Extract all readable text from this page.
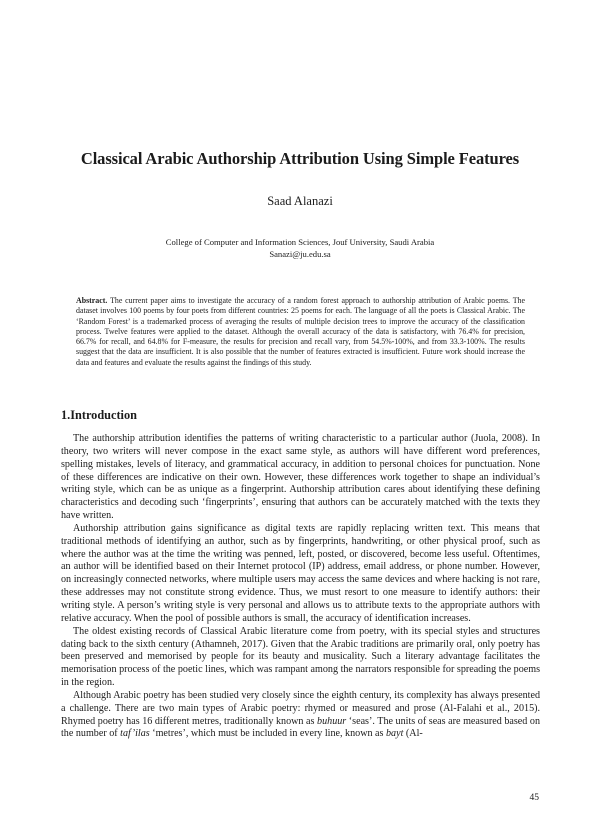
Classical Arabic Authorship Attribution Using Simple Features

Saad Alanazi

College of Computer and Information Sciences, Jouf University, Saudi Arabia
Sanazi@ju.edu.sa

Abstract. The current paper aims to investigate the accuracy of a random forest approach to authorship attribution of Arabic poems. The dataset involves 100 poems by four poets from different countries: 25 poems for each. The language of all the poets is Classical Arabic. The ‘Random Forest’ is a trademarked process of averaging the results of multiple decision trees to improve the accuracy of the classification process. Twelve features were applied to the dataset. Although the overall accuracy of the data is satisfactory, with 76.4% for precision, 66.7% for recall, and 64.8% for F-measure, the results for precision and recall vary, from 54.5%-100%, and from 33.3-100%. The results suggest that the data are insufficient. It is also possible that the number of features extracted is insufficient. Future work should increase the data and features and evaluate the results against the findings of this study.

1.Introduction

The authorship attribution identifies the patterns of writing characteristic to a particular author (Juola, 2008). In theory, two writers will never compose in the exact same style, as authors will have different word preferences, spelling mistakes, levels of literacy, and grammatical accuracy, in addition to personal choices for punctuation. None of these differences are indicative on their own. However, these differences work together to shape an individual’s writing style, which can be as unique as a fingerprint. Authorship attribution cares about identifying these defining characteristics and decoding such ‘fingerprints’, ensuring that authors can be accurately matched with the texts they have written.

Authorship attribution gains significance as digital texts are rapidly replacing written text. This means that traditional methods of identifying an author, such as by fingerprints, handwriting, or other physical proof, such as where the author was at the time the writing was penned, left, posted, or discovered, become less useful. Oftentimes, an author will be identified based on their Internet protocol (IP) address, email address, or phone number. However, on increasingly connected networks, where multiple users may access the same devices and where hacking is not rare, these addresses may not constitute strong evidence. Thus, we must resort to one measure to identify authors: their writing style. A person’s writing style is very personal and allows us to attribute texts to the appropriate authors with relative accuracy. When the pool of possible authors is small, the accuracy of identification increases.

The oldest existing records of Classical Arabic literature come from poetry, with its special styles and structures dating back to the sixth century (Athamneh, 2017). Given that the Arabic traditions are primarily oral, only poetry has been preserved and memorised by people for its beauty and musicality. Such a literary advantage facilitates the memorisation process of the poetic lines, which was rampant among the narrators responsible for spreading the poems in the region.

Although Arabic poetry has been studied very closely since the eighth century, its complexity has always presented a challenge. There are two main types of Arabic poetry: rhymed or measured and prose (Al-Falahi et al., 2015). Rhymed poetry has 16 different metres, traditionally known as buhuur ‘seas’. The units of seas are measured based on the number of taf’ilas ‘metres’, which must be included in every line, known as bayt (Al-

45
